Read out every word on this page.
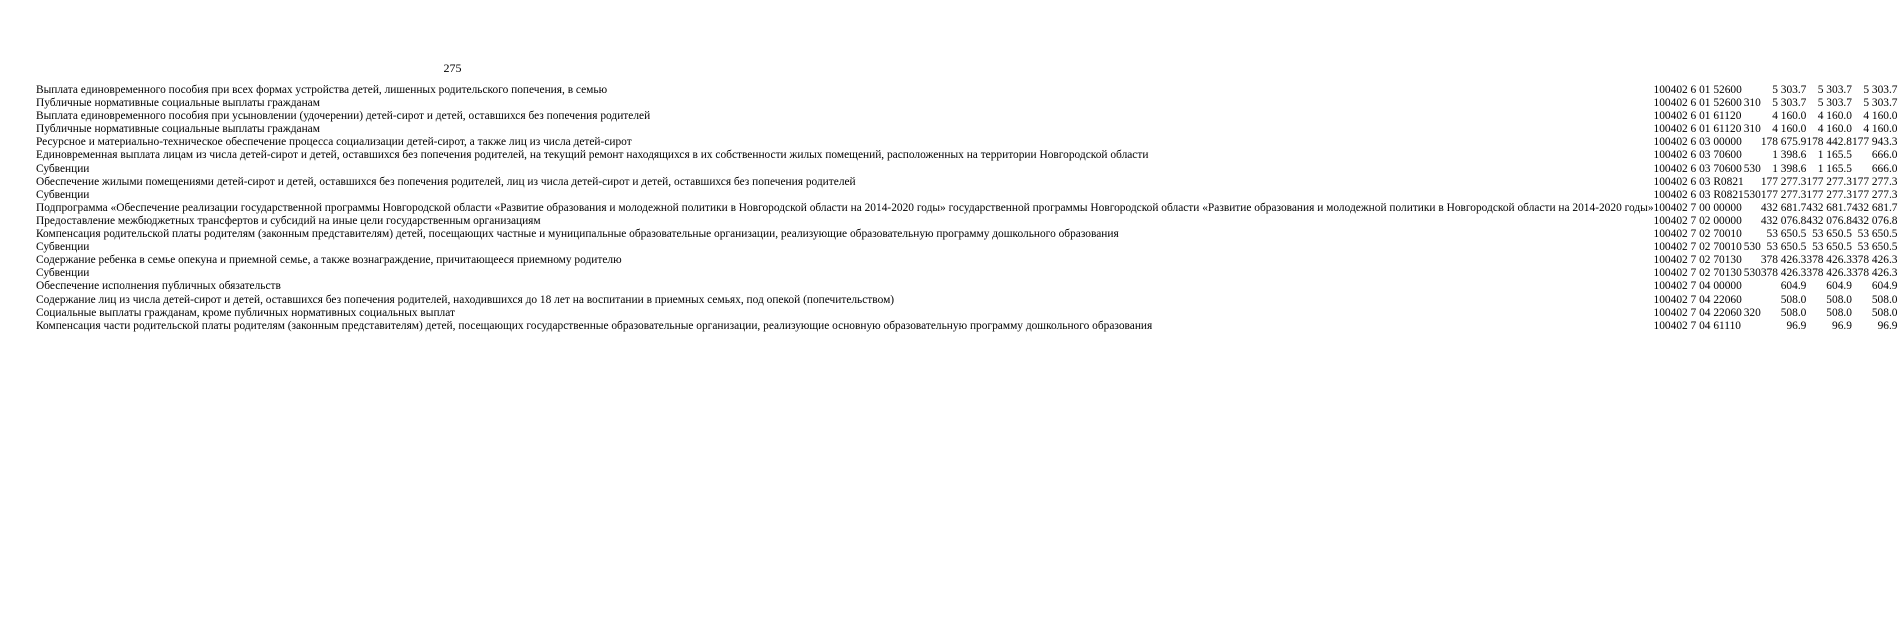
275
Выплата единовременного пособия при всех формах устройства детей, лишенных родительского попечения, в семью	10	04	02 6 01 52600		5 303.7	5 303.7	5 303.7
Публичные нормативные социальные выплаты гражданам	10	04	02 6 01 52600	310	5 303.7	5 303.7	5 303.7
Выплата единовременного пособия при усыновлении (удочерении) детей-сирот и детей, оставшихся без попечения родителей	10	04	02 6 01 61120		4 160.0	4 160.0	4 160.0
Публичные нормативные социальные выплаты гражданам	10	04	02 6 01 61120	310	4 160.0	4 160.0	4 160.0
Ресурсное и материально-техническое обеспечение процесса социализации детей-сирот, а также лиц из числа детей-сирот	10	04	02 6 03 00000		178 675.9	178 442.8	177 943.3
Единовременная выплата лицам из числа детей-сирот и детей, оставшихся без попечения родителей, на текущий ремонт находящихся в их собственности жилых помещений, расположенных на территории Новгородской области	10	04	02 6 03 70600		1 398.6	1 165.5	666.0
Субвенции	10	04	02 6 03 70600	530	1 398.6	1 165.5	666.0
Обеспечение жилыми помещениями детей-сирот и детей, оставшихся без попечения родителей, лиц из числа детей-сирот и детей, оставшихся без попечения родителей	10	04	02 6 03 R0821		177 277.3	177 277.3	177 277.3
Субвенции	10	04	02 6 03 R0821	530	177 277.3	177 277.3	177 277.3
Подпрограмма «Обеспечение реализации государственной программы Новгородской области «Развитие образования и молодежной политики в Новгородской области на 2014-2020 годы» государственной программы Новгородской области «Развитие образования и молодежной политики в Новгородской области на 2014-2020 годы»	10	04	02 7 00 00000		432 681.7	432 681.7	432 681.7
Предоставление межбюджетных трансфертов и субсидий на иные цели государственным организациям	10	04	02 7 02 00000		432 076.8	432 076.8	432 076.8
Компенсация родительской платы родителям (законным представителям) детей, посещающих частные и муниципальные образовательные организации, реализующие образовательную программу дошкольного образования	10	04	02 7 02 70010		53 650.5	53 650.5	53 650.5
Субвенции	10	04	02 7 02 70010	530	53 650.5	53 650.5	53 650.5
Содержание ребенка в семье опекуна и приемной семье, а также вознаграждение, причитающееся приемному родителю	10	04	02 7 02 70130		378 426.3	378 426.3	378 426.3
Субвенции	10	04	02 7 02 70130	530	378 426.3	378 426.3	378 426.3
Обеспечение исполнения публичных обязательств	10	04	02 7 04 00000		604.9	604.9	604.9
Содержание лиц из числа детей-сирот и детей, оставшихся без попечения родителей, находившихся до 18 лет на воспитании в приемных семьях, под опекой (попечительством)	10	04	02 7 04 22060		508.0	508.0	508.0
Социальные выплаты гражданам, кроме публичных нормативных социальных выплат	10	04	02 7 04 22060	320	508.0	508.0	508.0
Компенсация части родительской платы родителям (законным представителям) детей, посещающих государственные образовательные организации, реализующие основную образовательную программу дошкольного образования	10	04	02 7 04 61110		96.9	96.9	96.9
